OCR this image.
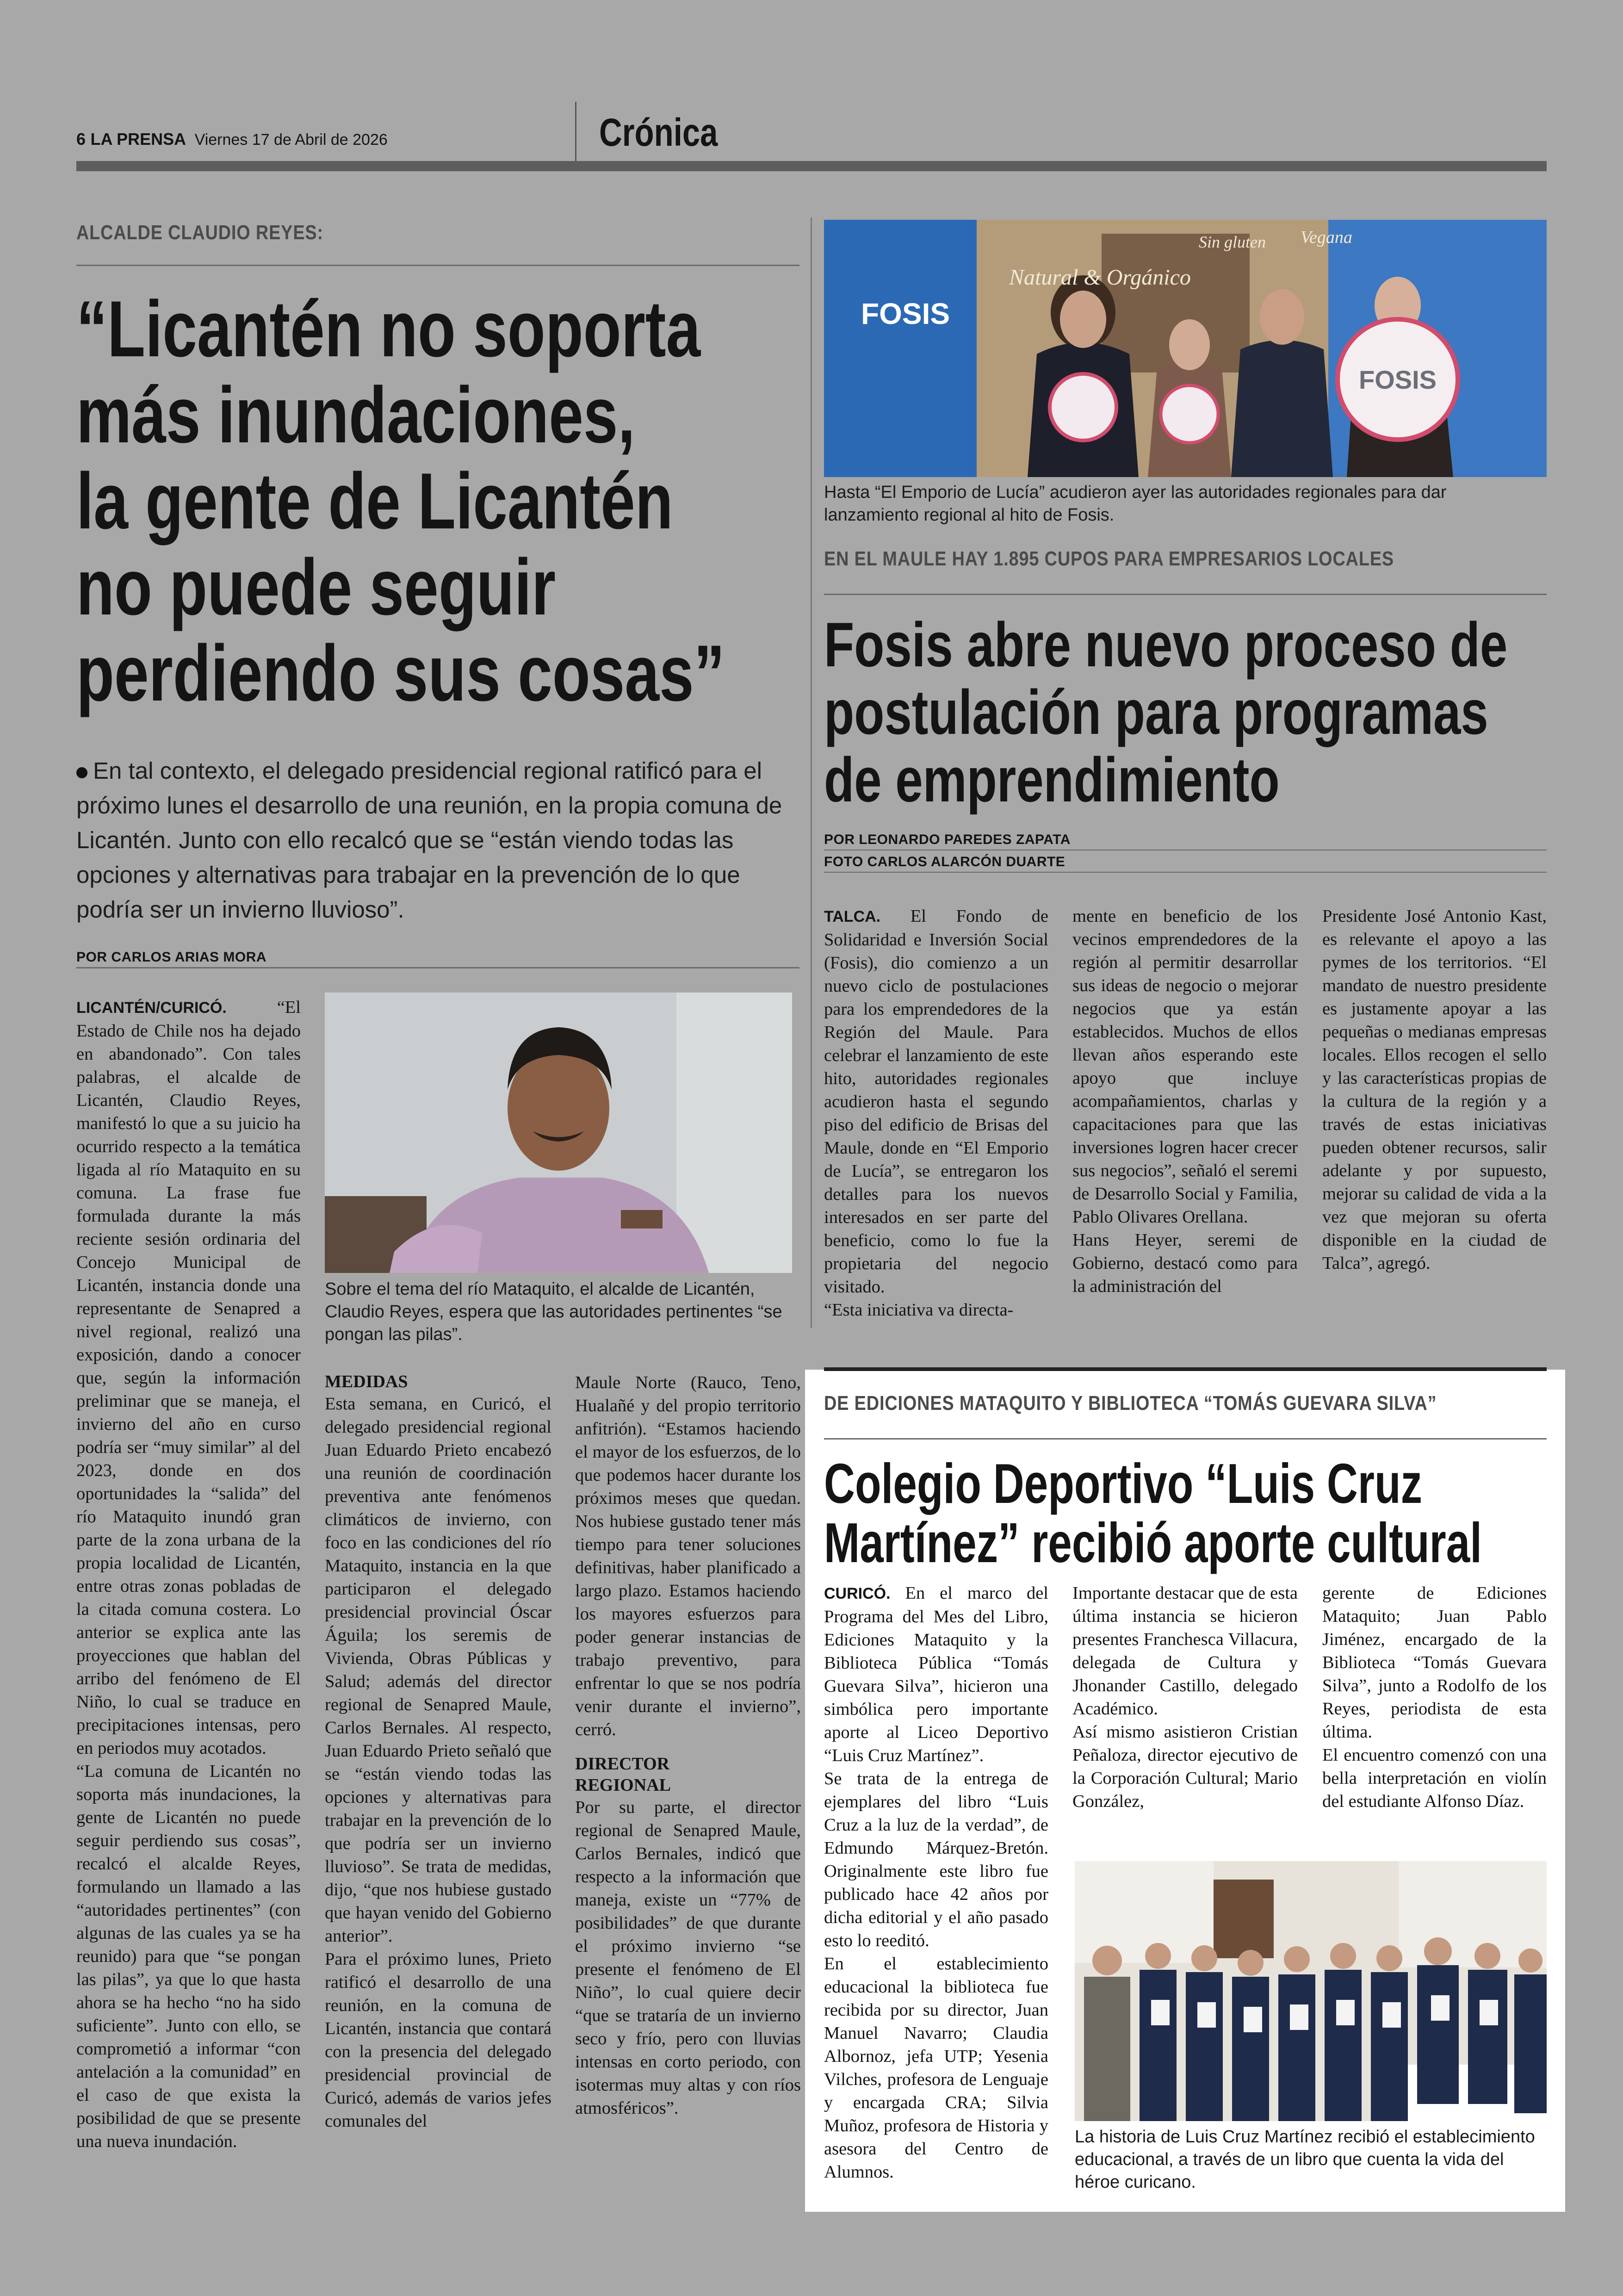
6 LA PRENSA Viernes 17 de Abril de 2026	Crónica
ALCALDE CLAUDIO REYES:
“Licantén no soporta
más inundaciones,
la gente de Licantén
no puede seguir
perdiendo sus cosas”
En tal contexto, el delegado presidencial regional ratificó para el próximo lunes el desarrollo de una reunión, en la propia comuna de Licantén. Junto con ello recalcó que se “están viendo todas las opciones y alternativas para trabajar en la prevención de lo que podría ser un invierno lluvioso”.
POR CARLOS ARIAS MORA
Sobre el tema del río Mataquito, el alcalde de Licantén, Claudio Reyes, espera que las autoridades pertinentes “se pongan las pilas”.

LICANTÉN/CURICÓ.	“El Estado de Chile nos ha dejado en abandonado”. Con tales palabras, el alcalde de Licantén, Claudio Reyes, manifestó lo que a su juicio ha ocurrido respecto a la temática ligada al río Mataquito en su comuna. La frase fue formulada durante la más reciente sesión ordinaria del Concejo Municipal de Licantén, instancia donde una representante de Senapred a nivel regional, realizó una exposición, dando a conocer que, según la información preliminar que se maneja, el invierno del año en curso podría ser “muy similar” al del 2023, donde en dos oportunidades la “salida” del río Mataquito inundó gran parte de la zona urbana de la propia localidad de Licantén, entre otras zonas pobladas de la citada comuna costera. Lo anterior se explica ante las proyecciones que hablan del arribo del fenómeno de El Niño, lo cual se traduce en precipitaciones intensas, pero en periodos muy acotados.

“La comuna de Licantén no soporta más inundaciones, la gente de Licantén no puede seguir perdiendo sus cosas”, recalcó el alcalde Reyes, formulando un llamado a las “autoridades pertinentes” (con algunas de las cuales ya se ha reunido) para que “se pongan las pilas”, ya que lo que hasta ahora se ha hecho “no ha sido suficiente”. Junto con ello, se comprometió a informar “con antelación a la comunidad” en el caso de que exista la posibilidad de que se presente una nueva inundación.

MEDIDAS

Esta semana, en Curicó, el delegado presidencial regional Juan Eduardo Prieto encabezó una reunión de coordinación preventiva ante fenómenos climáticos de invierno, con foco en las condiciones del río Mataquito, instancia en la que participaron el delegado presidencial provincial Óscar Águila; los seremis de Vivienda, Obras Públicas y Salud; además del director regional de Senapred Maule, Carlos Bernales. Al respecto, Juan Eduardo Prieto señaló que se “están viendo todas las opciones y alternativas para trabajar en la prevención de lo que podría ser un invierno lluvioso”. Se trata de medidas, dijo, “que nos hubiese gustado que hayan venido del Gobierno anterior”.

Para el próximo lunes, Prieto ratificó el desarrollo de una reunión, en la comuna de Licantén, instancia que contará con la presencia del delegado presidencial provincial de Curicó, además de varios jefes comunales del

Maule Norte (Rauco, Teno, Hualañé y del propio territorio anfitrión). “Estamos haciendo el mayor de los esfuerzos, de lo que podemos hacer durante los próximos meses que quedan. Nos hubiese gustado tener más tiempo para tener soluciones definitivas, haber planificado a largo plazo. Estamos haciendo los mayores esfuerzos para poder generar instancias de trabajo preventivo, para enfrentar lo que se nos podría venir durante el invierno”, cerró.

DIRECTOR
REGIONAL

Por su parte, el director regional de Senapred Maule, Carlos Bernales, indicó que respecto a la información que maneja, existe un “77% de posibilidades” de que durante el próximo invierno “se presente el fenómeno de El Niño”, lo cual quiere decir “que se trataría de un invierno seco y frío, pero con lluvias intensas en corto periodo, con isotermas muy altas y con ríos atmosféricos”.

FOSIS
FOSIS
Natural & Orgánico
Sin gluten Vegana
Hasta “El Emporio de Lucía” acudieron ayer las autoridades regionales para dar lanzamiento regional al hito de Fosis.
EN EL MAULE HAY 1.895 CUPOS PARA EMPRESARIOS LOCALES
Fosis abre nuevo proceso de
postulación para programas
de emprendimiento
POR LEONARDO PAREDES ZAPATA
FOTO CARLOS ALARCÓN DUARTE

TALCA. El Fondo de Solidaridad e Inversión Social (Fosis), dio comienzo a un nuevo ciclo de postulaciones para los emprendedores de la Región del Maule. Para celebrar el lanzamiento de este hito, autoridades regionales acudieron hasta el segundo piso del edificio de Brisas del Maule, donde en “El Emporio de Lucía”, se entregaron los detalles para los nuevos interesados en ser parte del beneficio, como lo fue la propietaria del negocio visitado.

“Esta iniciativa va directa-

mente en beneficio de los vecinos emprendedores de la región al permitir desarrollar sus ideas de negocio o mejorar negocios que ya están establecidos. Muchos de ellos llevan años esperando este apoyo que incluye acompañamientos, charlas y capacitaciones para que las inversiones logren hacer crecer sus negocios”, señaló el seremi de Desarrollo Social y Familia, Pablo Olivares Orellana.

Hans Heyer, seremi de Gobierno, destacó como para la administración del

Presidente José Antonio Kast, es relevante el apoyo a las pymes de los territorios. “El mandato de nuestro presidente es justamente apoyar a las pequeñas o medianas empresas locales. Ellos recogen el sello y las características propias de la cultura de la región y a través de estas iniciativas pueden obtener recursos, salir adelante y por supuesto, mejorar su calidad de vida a la vez que mejoran su oferta disponible en la ciudad de Talca”, agregó.

DE EDICIONES MATAQUITO Y BIBLIOTECA “TOMÁS GUEVARA SILVA”
Colegio Deportivo “Luis Cruz
Martínez” recibió aporte cultural

CURICÓ. En el marco del Programa del Mes del Libro, Ediciones Mataquito y la Biblioteca Pública “Tomás Guevara Silva”, hicieron una simbólica pero importante aporte al Liceo Deportivo “Luis Cruz Martínez”.

Se trata de la entrega de ejemplares del libro “Luis Cruz a la luz de la verdad”, de Edmundo Márquez-Bretón. Originalmente este libro fue publicado hace 42 años por dicha editorial y el año pasado esto lo reeditó.

En el establecimiento educacional la biblioteca fue recibida por su director, Juan Manuel Navarro; Claudia Albornoz, jefa UTP; Yesenia Vilches, profesora de Lenguaje y encargada CRA; Silvia Muñoz, profesora de Historia y asesora del Centro de Alumnos.

Importante destacar que de esta última instancia se hicieron presentes Franchesca Villacura, delegada de Cultura y Jhonander Castillo, delegado Académico.

Así mismo asistieron Cristian Peñaloza, director ejecutivo de la Corporación Cultural; Mario González,

gerente de Ediciones Mataquito; Juan Pablo Jiménez, encargado de la Biblioteca “Tomás Guevara Silva”, junto a Rodolfo de los Reyes, periodista de esta última.

El encuentro comenzó con una bella interpretación en violín del estudiante Alfonso Díaz.

La historia de Luis Cruz Martínez recibió el establecimiento educacional, a través de un libro que cuenta la vida del héroe curicano.
